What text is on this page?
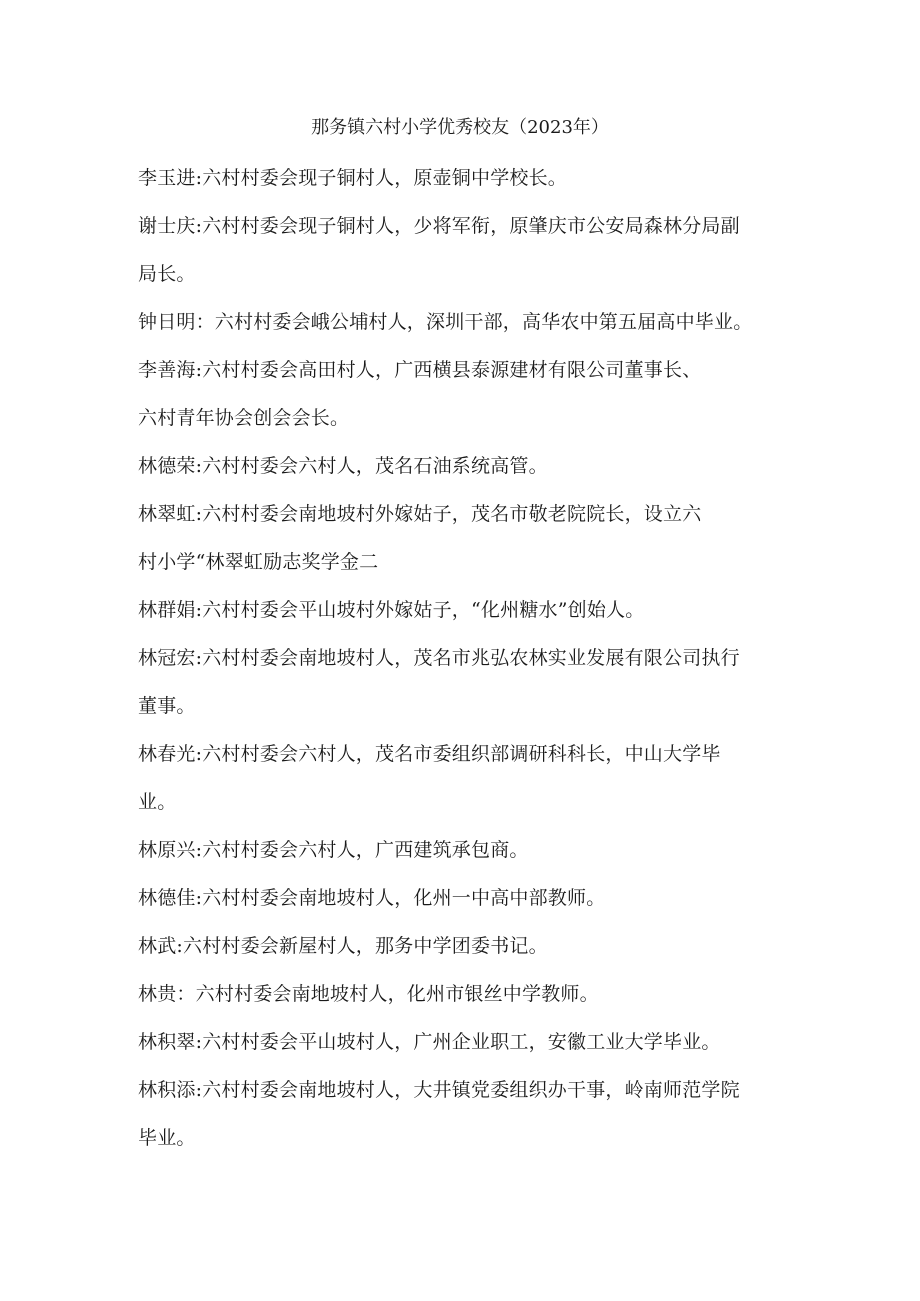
那务镇六村小学优秀校友（2023年）
李玉进:六村村委会现子铜村人，原壶铜中学校长。
谢士庆:六村村委会现子铜村人，少将军衔，原肇庆市公安局森林分局副
局长。
钟日明：六村村委会峨公埔村人，深圳干部，高华农中第五届高中毕业。
李善海:六村村委会高田村人，广西横县泰源建材有限公司董事长、
六村青年协会创会会长。
林德荣:六村村委会六村人，茂名石油系统高管。
林翠虹:六村村委会南地坡村外嫁姑子，茂名市敬老院院长，设立六
村小学“林翠虹励志奖学金二
林群娟:六村村委会平山坡村外嫁姑子，“化州糖水”创始人。
林冠宏:六村村委会南地坡村人，茂名市兆弘农林实业发展有限公司执行
董事。
林春光:六村村委会六村人，茂名市委组织部调研科科长，中山大学毕
业。
林原兴:六村村委会六村人，广西建筑承包商。
林德佳:六村村委会南地坡村人，化州一中高中部教师。
林武:六村村委会新屋村人，那务中学团委书记。
林贵：六村村委会南地坡村人，化州市银丝中学教师。
林积翠:六村村委会平山坡村人，广州企业职工，安徽工业大学毕业。
林积添:六村村委会南地坡村人，大井镇党委组织办干事，岭南师范学院
毕业。
